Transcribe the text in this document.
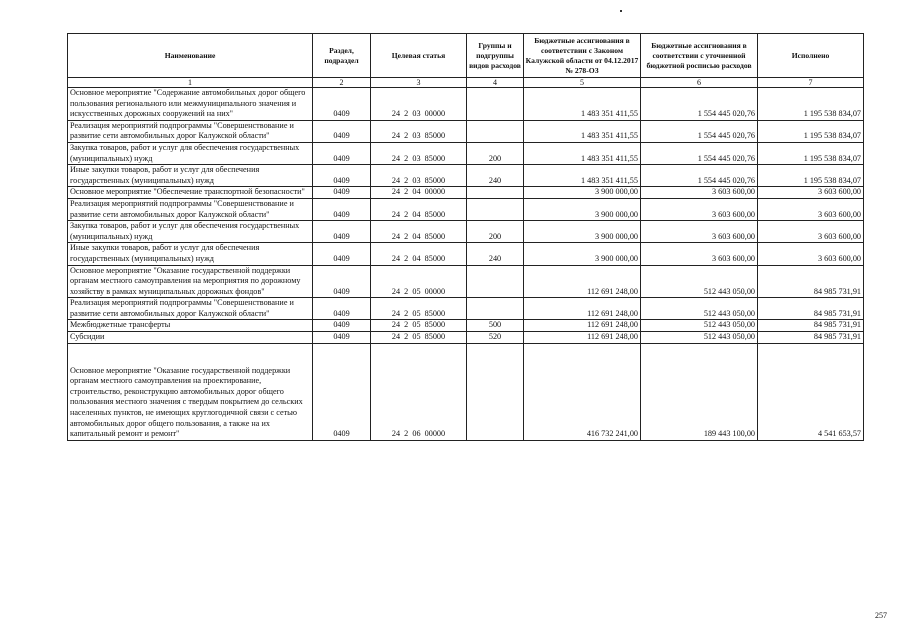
Наименование	Раздел, подраздел	Целевая статья	Группы и подгруппы видов расходов	Бюджетные ассигнования в соответствии с Законом Калужской области от 04.12.2017 № 278-ОЗ	Бюджетные ассигнования в соответствии с уточненной бюджетной росписью расходов	Исполнено
1	2	3	4	5	6	7
Основное мероприятие "Содержание автомобильных дорог общего пользования регионального или межмуниципального значения и искусственных дорожных сооружений на них"	0409	24  2  03  00000		1 483 351 411,55	1 554 445 020,76	1 195 538 834,07
Реализация мероприятий подпрограммы "Совершенствование и развитие сети автомобильных дорог Калужской области"	0409	24  2  03  85000		1 483 351 411,55	1 554 445 020,76	1 195 538 834,07
Закупка товаров, работ и услуг для обеспечения государственных (муниципальных) нужд	0409	24  2  03  85000	200	1 483 351 411,55	1 554 445 020,76	1 195 538 834,07
Иные закупки товаров, работ и услуг для обеспечения государственных (муниципальных) нужд	0409	24  2  03  85000	240	1 483 351 411,55	1 554 445 020,76	1 195 538 834,07
Основное мероприятие "Обеспечение транспортной безопасности"	0409	24  2  04  00000		3 900 000,00	3 603 600,00	3 603 600,00
Реализация мероприятий подпрограммы "Совершенствование и развитие сети автомобильных дорог Калужской области"	0409	24  2  04  85000		3 900 000,00	3 603 600,00	3 603 600,00
Закупка товаров, работ и услуг для обеспечения государственных (муниципальных) нужд	0409	24  2  04  85000	200	3 900 000,00	3 603 600,00	3 603 600,00
Иные закупки товаров, работ и услуг для обеспечения государственных (муниципальных) нужд	0409	24  2  04  85000	240	3 900 000,00	3 603 600,00	3 603 600,00
Основное мероприятие "Оказание государственной поддержки органам местного самоуправления на мероприятия по дорожному хозяйству в рамках муниципальных дорожных фондов"	0409	24  2  05  00000		112 691 248,00	512 443 050,00	84 985 731,91
Реализация мероприятий подпрограммы "Совершенствование и развитие сети автомобильных дорог Калужской области"	0409	24  2  05  85000		112 691 248,00	512 443 050,00	84 985 731,91
Межбюджетные трансферты	0409	24  2  05  85000	500	112 691 248,00	512 443 050,00	84 985 731,91
Субсидии	0409	24  2  05  85000	520	112 691 248,00	512 443 050,00	84 985 731,91
Основное мероприятие "Оказание государственной поддержки органам местного самоуправления на проектирование, строительство, реконструкцию автомобильных дорог общего пользования местного значения с твердым покрытием до сельских населенных пунктов, не имеющих круглогодичной связи с сетью автомобильных дорог общего пользования, а также на их капитальный ремонт и ремонт"	0409	24  2  06  00000		416 732 241,00	189 443 100,00	4 541 653,57
257
